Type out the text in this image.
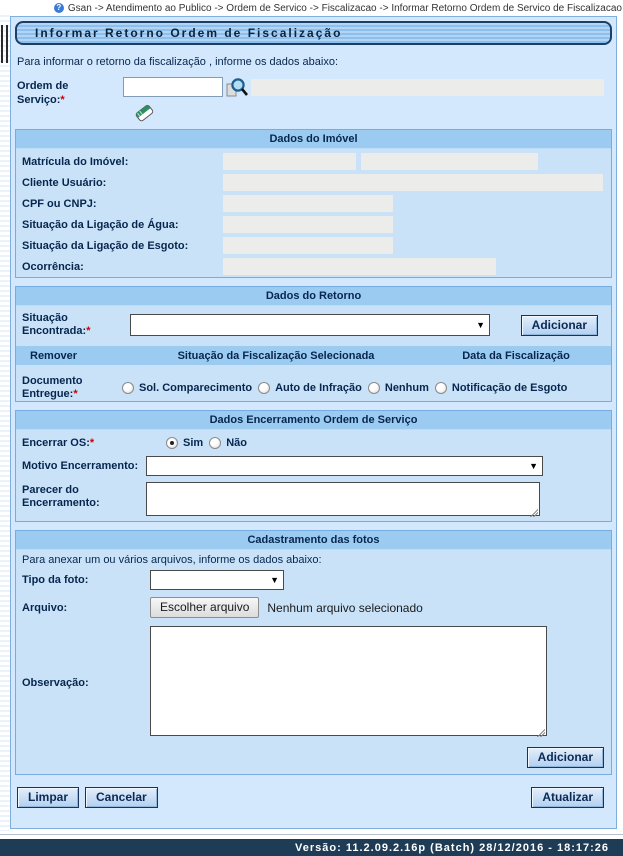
? Gsan -> Atendimento ao Publico -> Ordem de Servico -> Fiscalizacao -> Informar Retorno Ordem de Servico de Fiscalizacao
Informar Retorno Ordem de Fiscalização
Para informar o retorno da fiscalização , informe os dados abaixo:
Ordem de
Serviço:*
Dados do Imóvel
Matrícula do Imóvel:
Cliente Usuário:
CPF ou CNPJ:
Situação da Ligação de Água:
Situação da Ligação de Esgoto:
Ocorrência:
Dados do Retorno
Situação
Encontrada:*
▼	Adicionar
Remover	Situação da Fiscalização Selecionada	Data da Fiscalização
Documento
Entregue:*	Sol. Comparecimento Auto de Infração Nenhum Notificação de Esgoto
Dados Encerramento Ordem de Serviço
Encerrar OS:*	Sim Não
Motivo Encerramento:	▼
Parecer do
Encerramento:
Cadastramento das fotos
Para anexar um ou vários arquivos, informe os dados abaixo:
Tipo da foto:	▼
Arquivo:	Escolher arquivo	Nenhum arquivo selecionado
Observação:
Adicionar
Limpar	Cancelar	Atualizar
Versão: 11.2.09.2.16p (Batch) 28/12/2016 - 18:17:26
